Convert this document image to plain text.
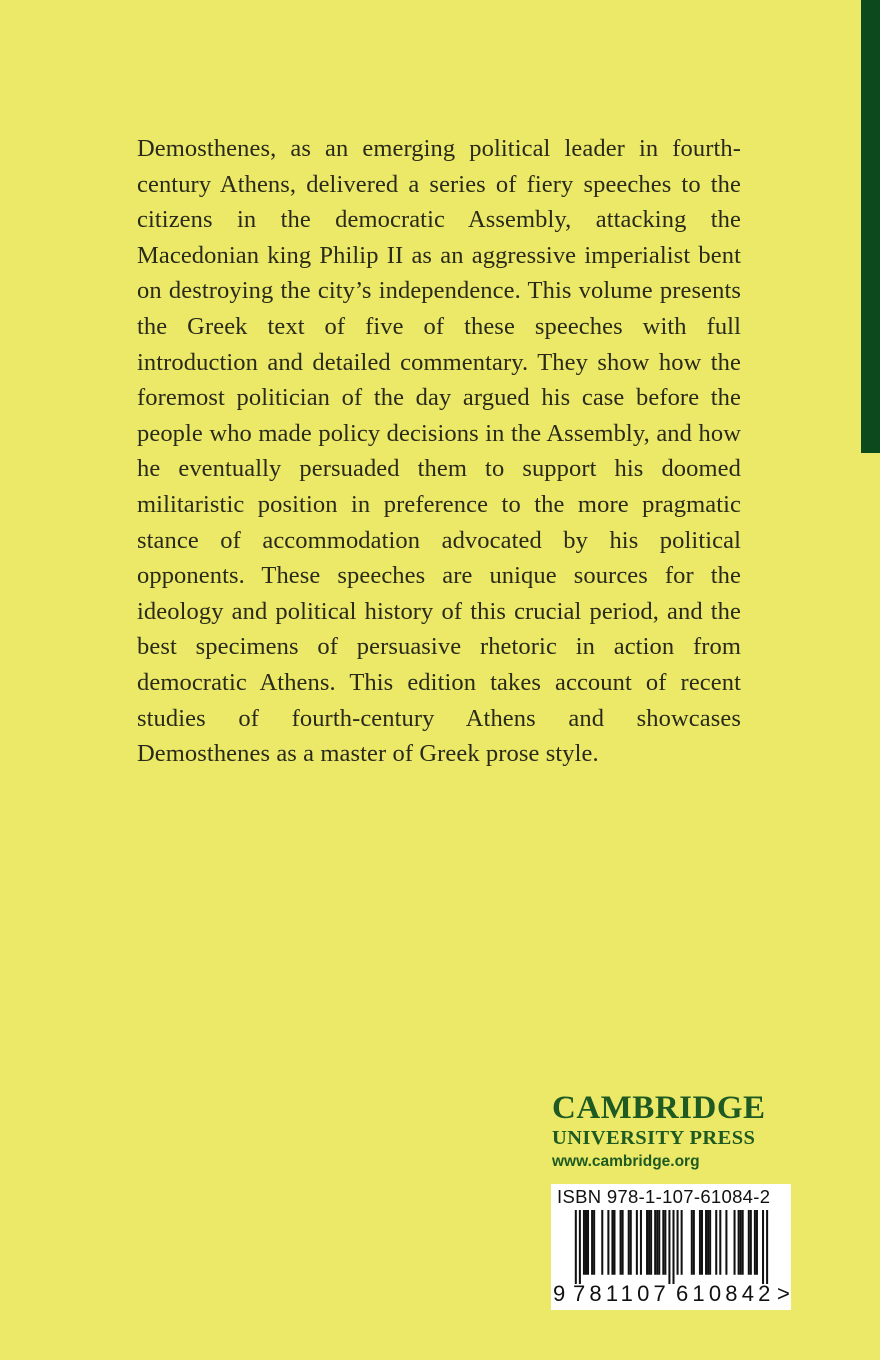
Demosthenes, as an emerging political leader in fourth-century Athens, delivered a series of fiery speeches to the citizens in the democratic Assembly, attacking the Macedonian king Philip II as an aggressive imperialist bent on destroying the city’s independence. This volume presents the Greek text of five of these speeches with full introduction and detailed commentary. They show how the foremost politician of the day argued his case before the people who made policy decisions in the Assembly, and how he eventually persuaded them to support his doomed militaristic position in preference to the more pragmatic stance of accommodation advocated by his political opponents. These speeches are unique sources for the ideology and political history of this crucial period, and the best specimens of persuasive rhetoric in action from democratic Athens. This edition takes account of recent studies of fourth-century Athens and showcases Demosthenes as a master of Greek prose style.

CAMBRIDGE
UNIVERSITY PRESS
www.cambridge.org
ISBN 978-1-107-61084-2
9 781107 610842 >
